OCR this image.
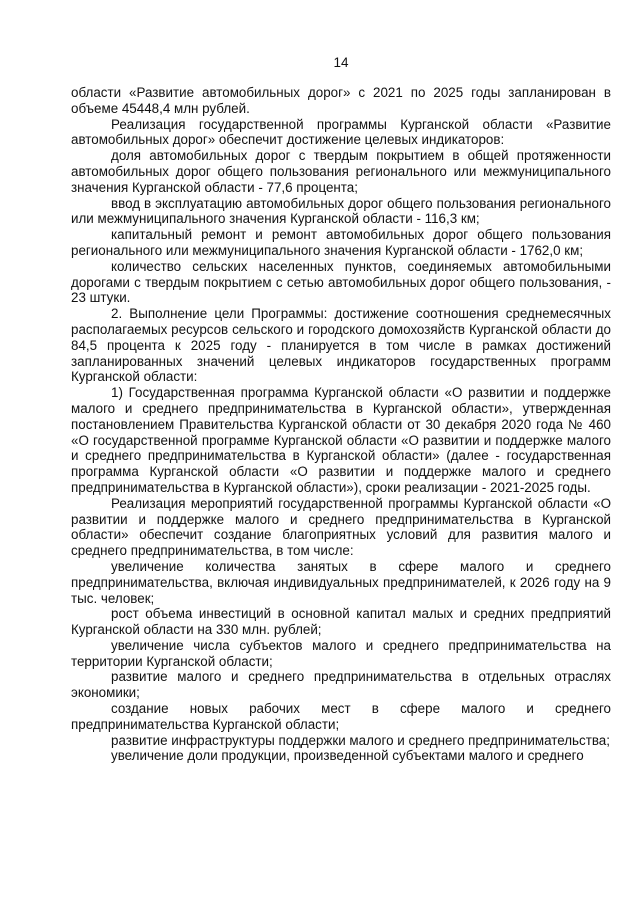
14

области «Развитие автомобильных дорог» с 2021 по 2025 годы запланирован в объеме 45448,4 млн рублей.

Реализация государственной программы Курганской области «Развитие автомобильных дорог» обеспечит достижение целевых индикаторов:

доля автомобильных дорог с твердым покрытием в общей протяженности автомобильных дорог общего пользования регионального или межмуниципального значения Курганской области - 77,6 процента;

ввод в эксплуатацию автомобильных дорог общего пользования регионального или межмуниципального значения Курганской области - 116,3 км;

капитальный ремонт и ремонт автомобильных дорог общего пользования регионального или межмуниципального значения Курганской области - 1762,0 км;

количество сельских населенных пунктов, соединяемых автомобильными дорогами с твердым покрытием с сетью автомобильных дорог общего пользования, - 23 штуки.

2. Выполнение цели Программы: достижение соотношения среднемесячных располагаемых ресурсов сельского и городского домохозяйств Курганской области до 84,5 процента к 2025 году - планируется в том числе в рамках достижений запланированных значений целевых индикаторов государственных программ Курганской области:

1) Государственная программа Курганской области «О развитии и поддержке малого и среднего предпринимательства в Курганской области», утвержденная постановлением Правительства Курганской области от 30 декабря 2020 года № 460 «О государственной программе Курганской области «О развитии и поддержке малого и среднего предпринимательства в Курганской области» (далее - государственная программа Курганской области «О развитии и поддержке малого и среднего предпринимательства в Курганской области»), сроки реализации - 2021-2025 годы.

Реализация мероприятий государственной программы Курганской области «О развитии и поддержке малого и среднего предпринимательства в Курганской области» обеспечит создание благоприятных условий для развития малого и среднего предпринимательства, в том числе:

увеличение количества занятых в сфере малого и среднего предпринимательства, включая индивидуальных предпринимателей, к 2026 году на 9 тыс. человек;

рост объема инвестиций в основной капитал малых и средних предприятий Курганской области на 330 млн. рублей;

увеличение числа субъектов малого и среднего предпринимательства на территории Курганской области;

развитие малого и среднего предпринимательства в отдельных отраслях экономики;

создание новых рабочих мест в сфере малого и среднего предпринимательства Курганской области;

развитие инфраструктуры поддержки малого и среднего предпринимательства;

увеличение доли продукции, произведенной субъектами малого и среднего
